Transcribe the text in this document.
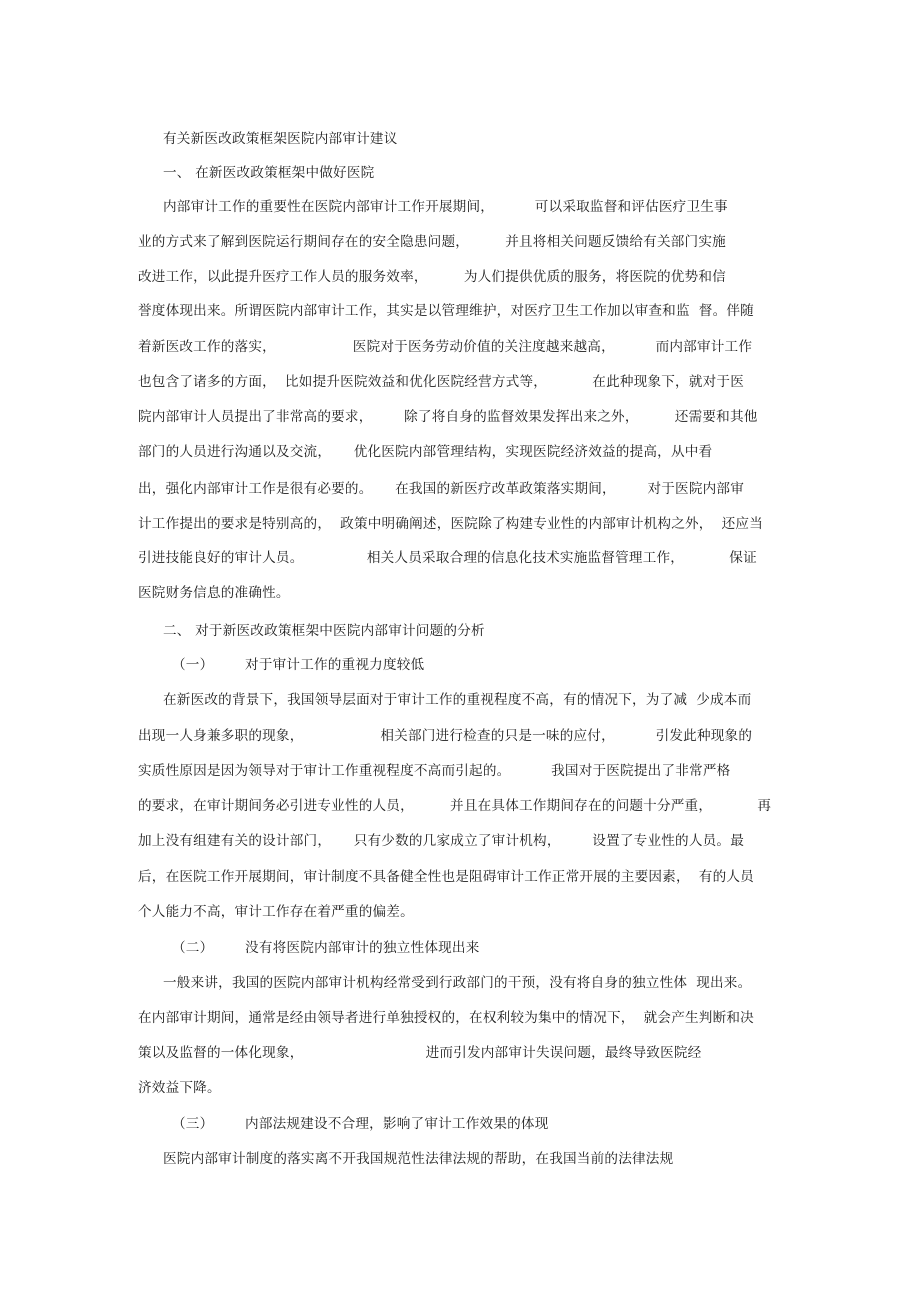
有关新医改政策框架医院内部审计建议
一、 在新医改政策框架中做好医院
内部审计工作的重要性在医院内部审计工作开展期间，         可以采取监督和评估医疗卫生事
业的方式来了解到医院运行期间存在的安全隐患问题，        并且将相关问题反馈给有关部门实施
改进工作，以此提升医疗工作人员的服务效率，        为人们提供优质的服务，将医院的优势和信
誉度体现出来。所谓医院内部审计工作，其实是以管理维护，对医疗卫生工作加以审查和监  督。伴随
着新医改工作的落实，                 医院对于医务劳动价值的关注度越来越高，         而内部审计工作
也包含了诸多的方面，  比如提升医院效益和优化医院经营方式等，          在此种现象下，就对于医
院内部审计人员提出了非常高的要求，       除了将自身的监督效果发挥出来之外，        还需要和其他
部门的人员进行沟通以及交流，     优化医院内部管理结构，实现医院经济效益的提高，从中看
出，强化内部审计工作是很有必要的。     在我国的新医疗改革政策落实期间，       对于医院内部审
计工作提出的要求是特别高的，  政策中明确阐述，医院除了构建专业性的内部审计机构之外，  还应当
引进技能良好的审计人员。              相关人员采取合理的信息化技术实施监督管理工作，          保证
医院财务信息的准确性。
二、 对于新医改政策框架中医院内部审计问题的分析
（一）       对于审计工作的重视力度较低
在新医改的背景下，我国领导层面对于审计工作的重视程度不高，有的情况下，为了减  少成本而
出现一人身兼多职的现象，                 相关部门进行检查的只是一味的应付，         引发此种现象的
实质性原因是因为领导对于审计工作重视程度不高而引起的。         我国对于医院提出了非常严格
的要求，在审计期间务必引进专业性的人员，        并且在具体工作期间存在的问题十分严重，          再
加上没有组建有关的设计部门，     只有少数的几家成立了审计机构，       设置了专业性的人员。最
后，在医院工作开展期间，审计制度不具备健全性也是阻碍审计工作正常开展的主要因素，  有的人员
个人能力不高，审计工作存在着严重的偏差。
（二）       没有将医院内部审计的独立性体现出来
一般来讲，我国的医院内部审计机构经常受到行政部门的干预，没有将自身的独立性体  现出来。
在内部审计期间，通常是经由领导者进行单独授权的，在权利较为集中的情况下，  就会产生判断和决
策以及监督的一体化现象，                           进而引发内部审计失误问题，最终导致医院经
济效益下降。
（三）       内部法规建设不合理，影响了审计工作效果的体现
医院内部审计制度的落实离不开我国规范性法律法规的帮助，在我国当前的法律法规
